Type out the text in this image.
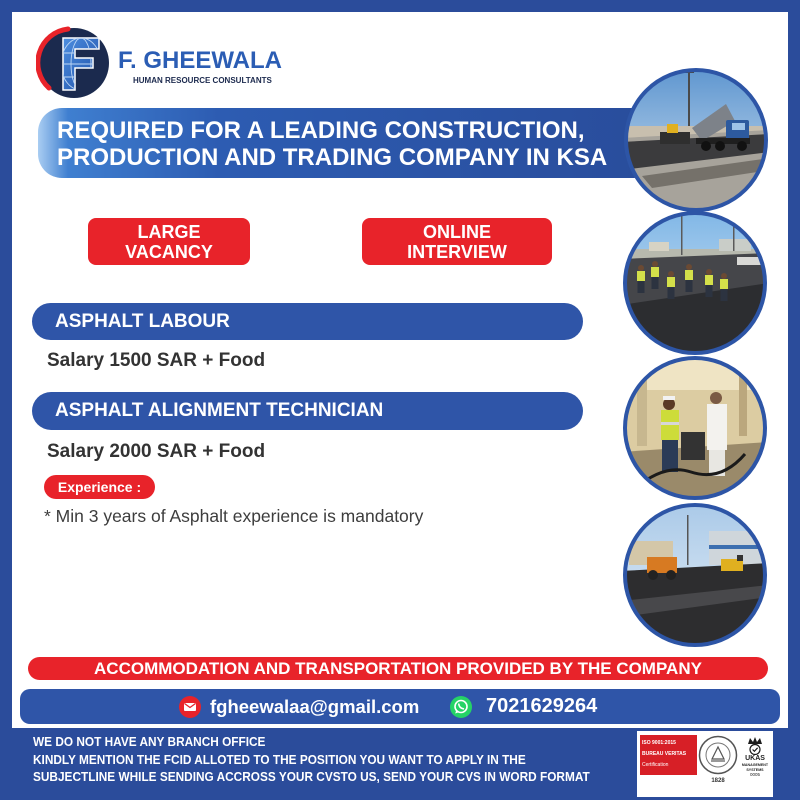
F. GHEEWALA
HUMAN RESOURCE CONSULTANTS
REQUIRED FOR A LEADING CONSTRUCTION,
PRODUCTION AND TRADING COMPANY IN KSA
LARGE
VACANCY
ONLINE
INTERVIEW
ASPHALT LABOUR
Salary 1500 SAR + Food
ASPHALT ALIGNMENT TECHNICIAN
Salary 2000 SAR + Food
Experience :
* Min 3 years of Asphalt experience is mandatory
ACCOMMODATION AND TRANSPORTATION PROVIDED BY THE COMPANY
fgheewalaa@gmail.com	7021629264
WE DO NOT HAVE ANY BRANCH OFFICE
KINDLY MENTION THE FCID ALLOTED TO THE POSITION YOU WANT TO APPLY IN THE
SUBJECTLINE WHILE SENDING ACCROSS YOUR CVSTO US, SEND YOUR CVS IN WORD FORMAT
ISO 9001:2015
BUREAU VERITAS
Certification
1828
UKAS
MANAGEMENT SYSTEMS
0005
